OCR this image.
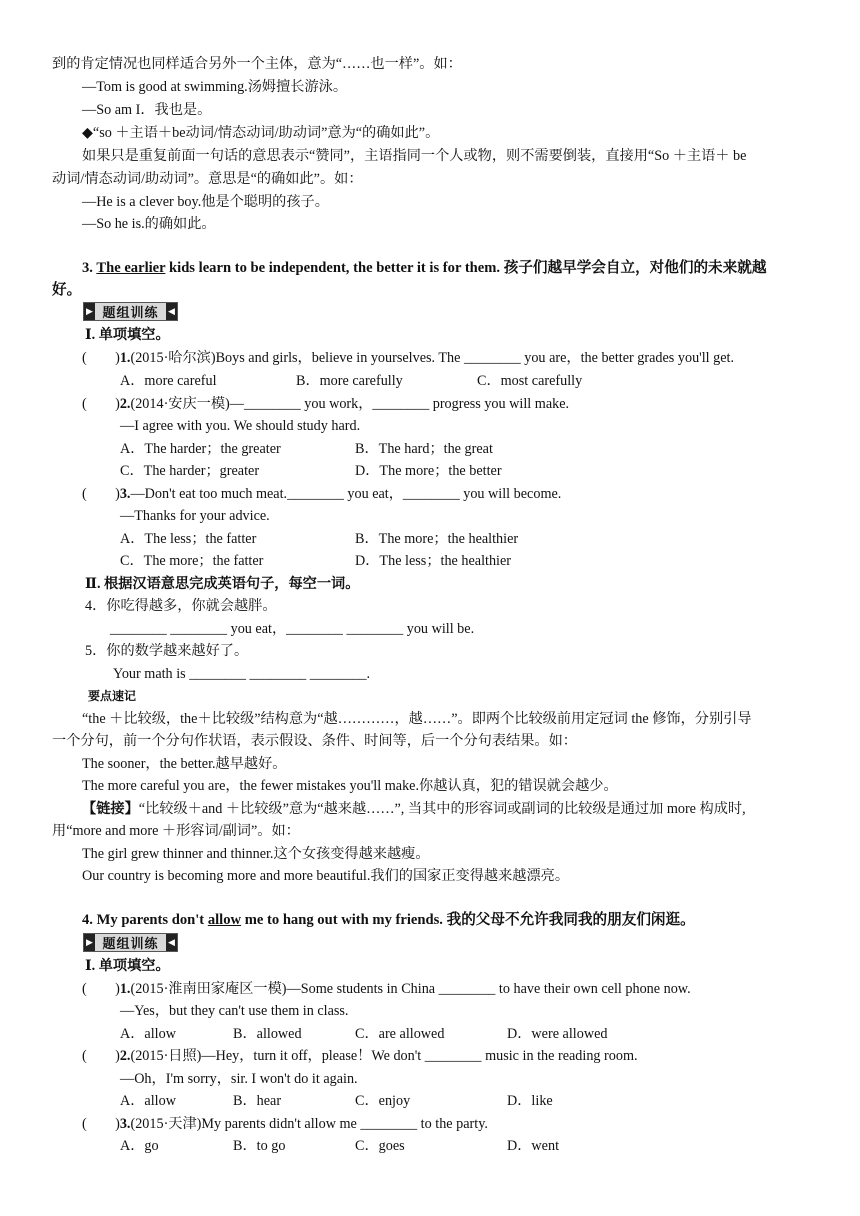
到的肯定情况也同样适合另外一个主体，意为“……也一样”。如：
—Tom is good at swimming.汤姆擅长游泳。
—So am I．我也是。
◆“so ＋主语＋be动词/情态动词/助动词”意为“的确如此”。
如果只是重复前面一句话的意思表示“赞同”，主语指同一个人或物，则不需要倒装，直接用“So ＋主语＋ be
动词/情态动词/助动词”。意思是“的确如此”。如：
—He is a clever boy.他是个聪明的孩子。
—So he is.的确如此。
3. The earlier kids learn to be independent, the better it is for them. 孩子们越早学会自立，对他们的未来就越
好。
▶ 题组训练	◀
Ⅰ. 单项填空。
(　　)1.(2015·哈尔滨)Boys and girls，believe in yourselves. The ________ you are，the better grades you'll get.
A．more careful	B．more carefully	C．most carefully
(　　)2.(2014·安庆一模)—________ you work，________ progress you will make.
—I agree with you. We should study hard.
A．The harder；the greater	B．The hard；the great
C．The harder；greater	D．The more；the better
(　　)3.—Don't eat too much meat.________ you eat，________ you will become.
—Thanks for your advice.
A．The less；the fatter	B．The more；the healthier
C．The more；the fatter	D．The less；the healthier
Ⅱ. 根据汉语意思完成英语句子，每空一词。
4．你吃得越多，你就会越胖。
________ ________ you eat，________ ________ you will be.
5．你的数学越来越好了。
Your math is ________ ________ ________.
要点速记
“the ＋比较级，the＋比较级”结构意为“越…………，越……”。即两个比较级前用定冠词 the 修饰，分别引导
一个分句，前一个分句作状语，表示假设、条件、时间等，后一个分句表结果。如：
The sooner，the better.越早越好。
The more careful you are，the fewer mistakes you'll make.你越认真，犯的错误就会越少。
【链接】“比较级＋and ＋比较级”意为“越来越……”, 当其中的形容词或副词的比较级是通过加 more 构成时,
用“more and more ＋形容词/副词”。如：
The girl grew thinner and thinner.这个女孩变得越来越瘦。
Our country is becoming more and more beautiful.我们的国家正变得越来越漂亮。
4. My parents don't allow me to hang out with my friends. 我的父母不允许我同我的朋友们闲逛。
▶ 题组训练	◀
Ⅰ. 单项填空。
(　　)1.(2015·淮南田家庵区一模)—Some students in China ________ to have their own cell phone now.
—Yes，but they can't use them in class.
A．allow	B．allowed	C．are allowed	D．were allowed
(　　)2.(2015·日照)—Hey，turn it off，please！We don't ________ music in the reading room.
—Oh，I'm sorry，sir. I won't do it again.
A．allow	B．hear	C．enjoy	D．like
(　　)3.(2015·天津)My parents didn't allow me ________ to the party.
A．go	B．to go	C．goes	D．went
